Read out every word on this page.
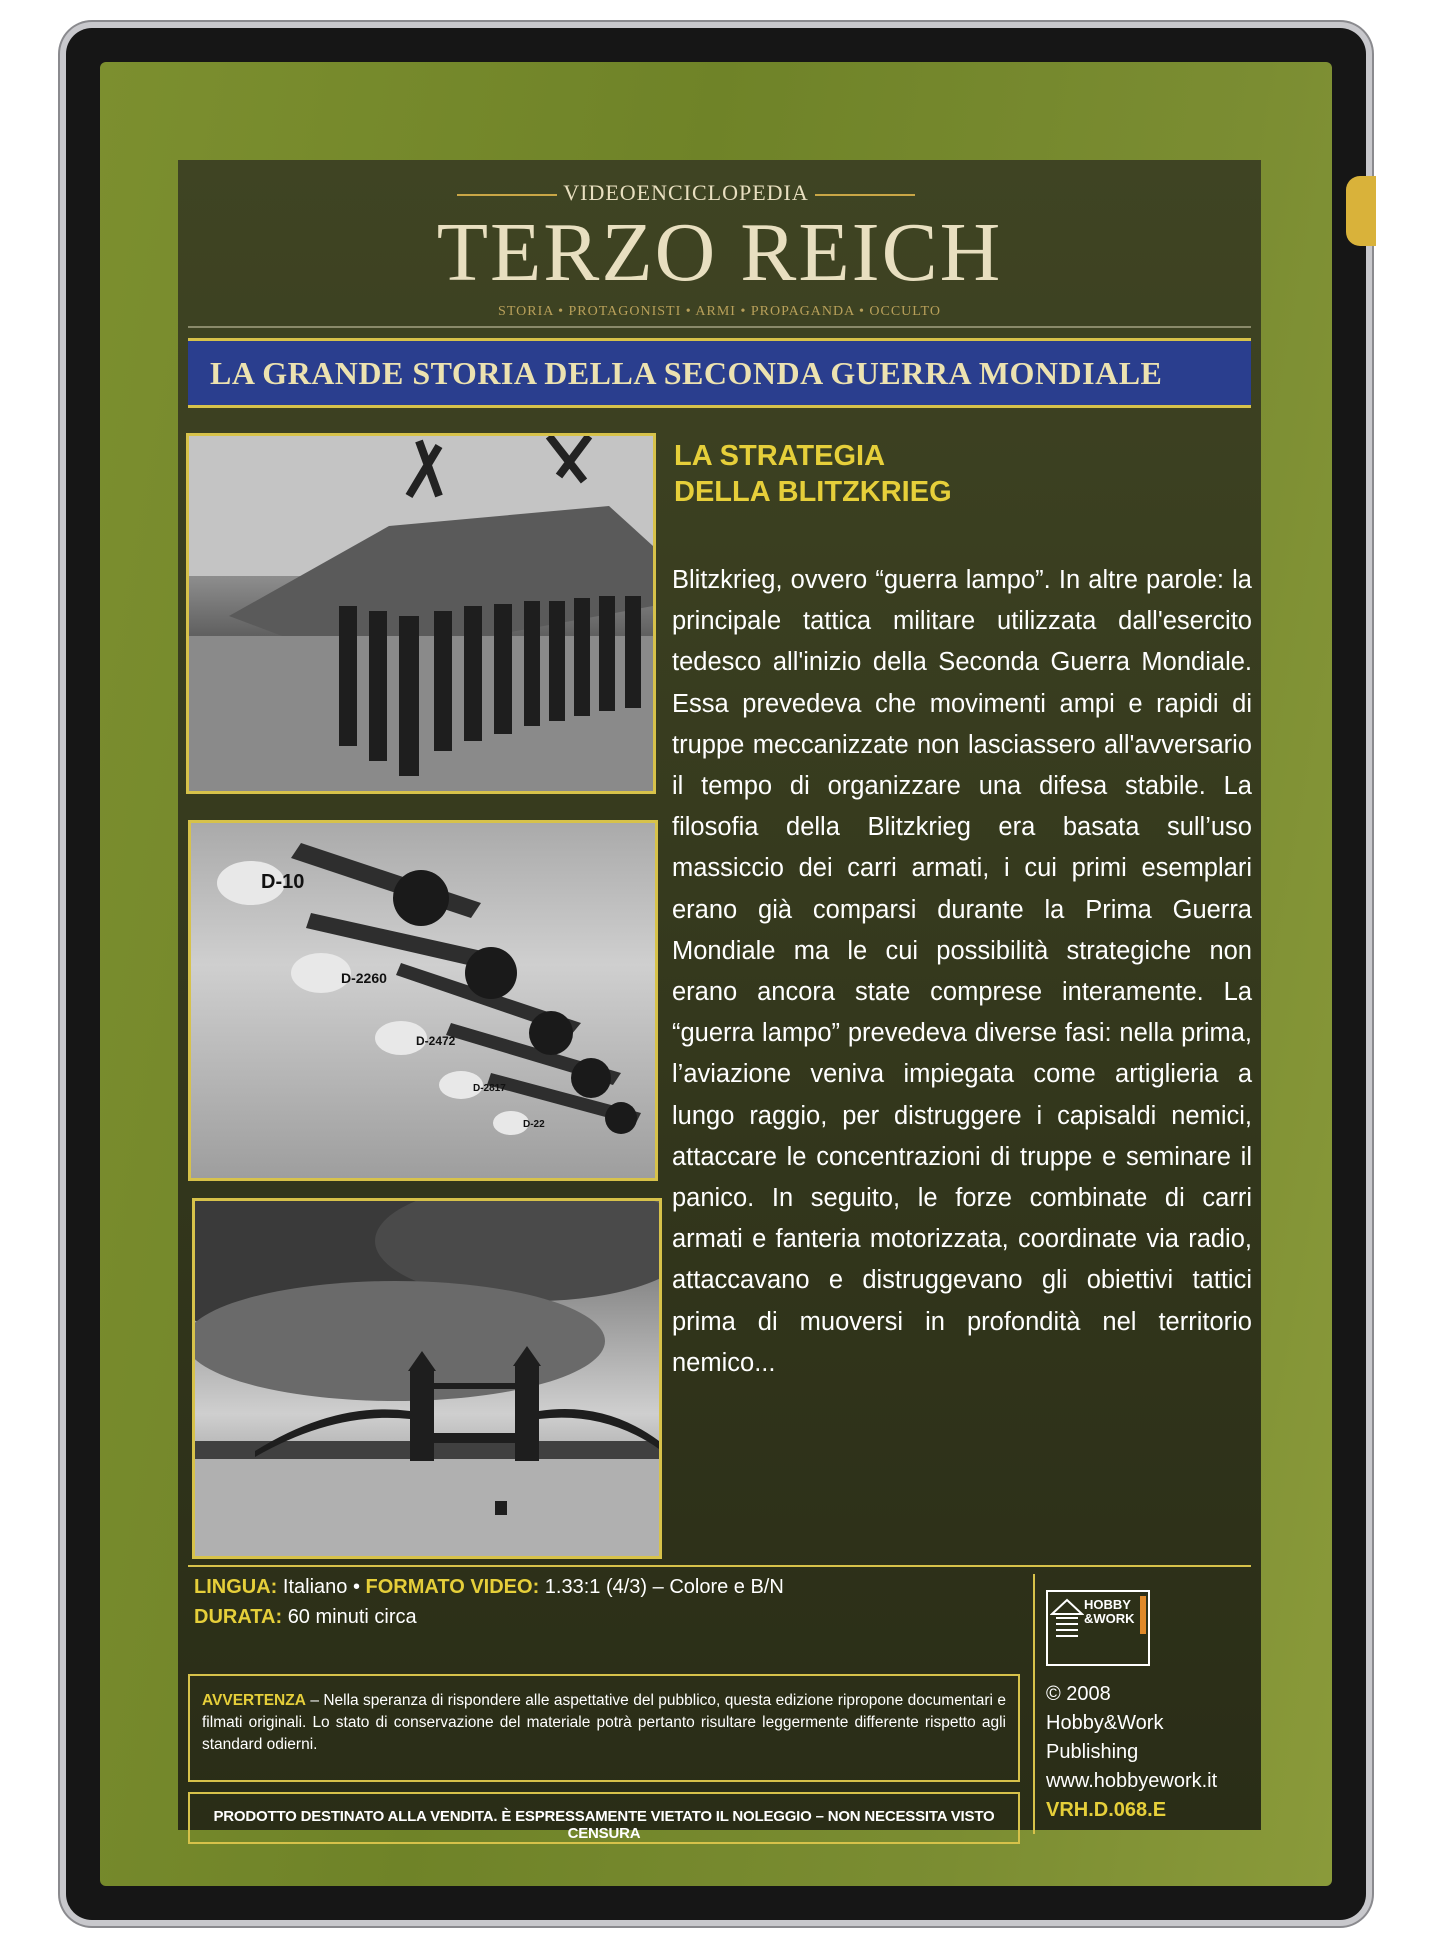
VIDEOENCICLOPEDIA
TERZO REICH
STORIA • PROTAGONISTI • ARMI • PROPAGANDA • OCCULTO
LA GRANDE STORIA DELLA SECONDA GUERRA MONDIALE
D-10
D-2260
D-2472
D-2817
D-22
LA STRATEGIA
DELLA BLITZKRIEG
Blitzkrieg, ovvero “guerra lampo”. In altre parole: la principale tattica militare utilizzata dall'esercito tedesco all'inizio della Seconda Guerra Mondiale. Essa prevedeva che movimenti ampi e rapidi di truppe meccanizzate non lasciassero all'avversario il tempo di organizzare una difesa stabile. La filosofia della Blitzkrieg era basata sull’uso massiccio dei carri armati, i cui primi esemplari erano già comparsi durante la Prima Guerra Mondiale ma le cui possibilità strategiche non erano ancora state comprese interamente. La “guerra lampo” prevedeva diverse fasi: nella prima, l’aviazione veniva impiegata come artiglieria a lungo raggio, per distruggere i capisaldi nemici, attaccare le concentrazioni di truppe e seminare il panico. In seguito, le forze combinate di carri armati e fanteria motorizzata, coordinate via radio, attaccavano e distruggevano gli obiettivi tattici prima di muoversi in profondità nel territorio nemico...
LINGUA: Italiano • FORMATO VIDEO: 1.33:1 (4/3) – Colore e B/N
DURATA: 60 minuti circa
AVVERTENZA – Nella speranza di rispondere alle aspettative del pubblico, questa edizione ripropone documentari e filmati originali. Lo stato di conservazione del materiale potrà pertanto risultare leggermente differente rispetto agli standard odierni.
PRODOTTO DESTINATO ALLA VENDITA. È ESPRESSAMENTE VIETATO IL NOLEGGIO – NON NECESSITA VISTO CENSURA
HOBBY
&WORK
© 2008
Hobby&Work
Publishing
www.hobbyework.it
VRH.D.068.E
